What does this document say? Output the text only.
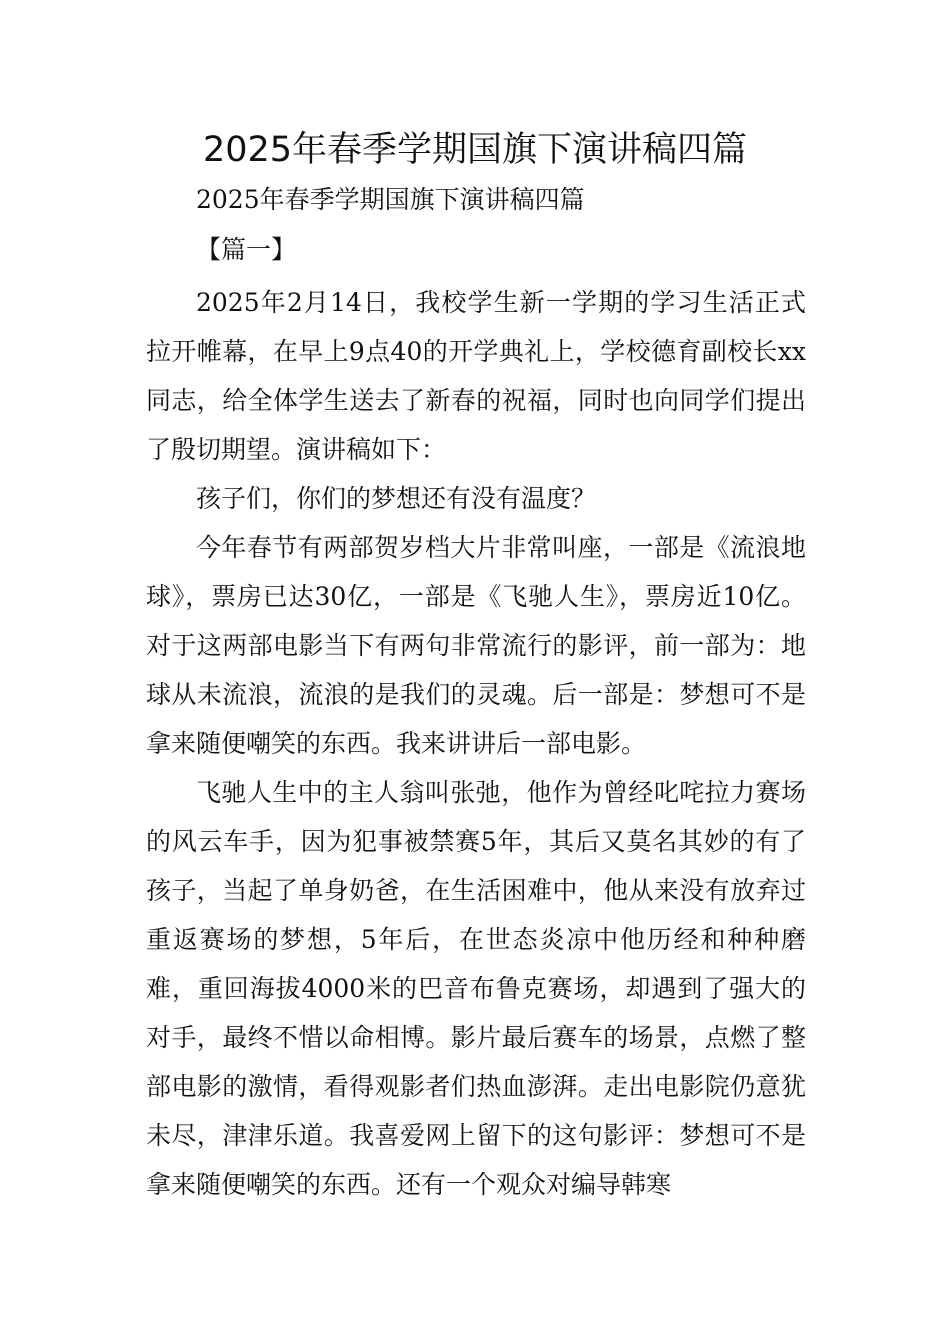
2025年春季学期国旗下演讲稿四篇
2025年春季学期国旗下演讲稿四篇
【篇一】

2025年2月14日，我校学生新一学期的学习生活正式拉开帷幕，在早上9点40的开学典礼上，学校德育副校长xx同志，给全体学生送去了新春的祝福，同时也向同学们提出了殷切期望。演讲稿如下：

孩子们，你们的梦想还有没有温度？

今年春节有两部贺岁档大片非常叫座，一部是《流浪地球》，票房已达30亿，一部是《飞驰人生》，票房近10亿。对于这两部电影当下有两句非常流行的影评，前一部为：地球从未流浪，流浪的是我们的灵魂。后一部是：梦想可不是拿来随便嘲笑的东西。我来讲讲后一部电影。

飞驰人生中的主人翁叫张弛，他作为曾经叱咤拉力赛场的风云车手，因为犯事被禁赛5年，其后又莫名其妙的有了孩子，当起了单身奶爸，在生活困难中，他从来没有放弃过重返赛场的梦想，5年后，在世态炎凉中他历经和种种磨难，重回海拔4000米的巴音布鲁克赛场，却遇到了强大的对手，最终不惜以命相博。影片最后赛车的场景，点燃了整部电影的激情，看得观影者们热血澎湃。走出电影院仍意犹未尽，津津乐道。我喜爱网上留下的这句影评：梦想可不是拿来随便嘲笑的东西。还有一个观众对编导韩寒
